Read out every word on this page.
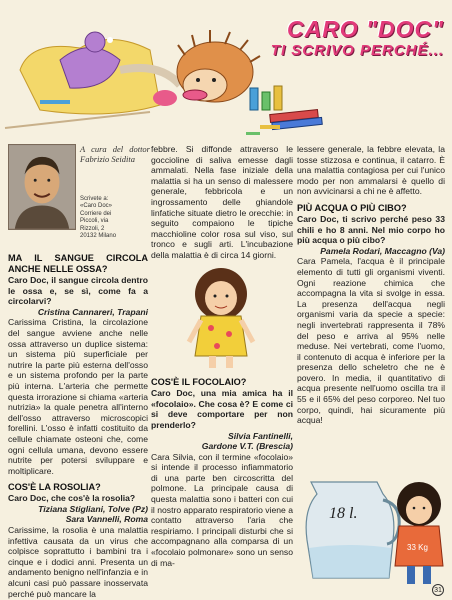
CARO "DOC"
TI SCRIVO PERCHÉ...
A cura del dottor Fabrizio Seidita
Scrivete a:
«Caro Doc»
Corriere dei
Piccoli, via
Rizzoli, 2
20132 Milano
MA IL SANGUE CIRCOLA ANCHE NELLE OSSA?

Caro Doc, il sangue circola dentro le ossa e, se sì, come fa a circolarvi?

Cristina Cannareri, Trapani

Carissima Cristina, la circolazione del sangue avviene anche nelle ossa attraverso un duplice sistema: un sistema più superficiale per nutrire la parte più esterna dell'osso e un sistema profondo per la parte più interna. L'arteria che permette questa irrorazione si chiama «arteria nutrizia» la quale penetra all'interno dell'osso attraverso microscopici forellini. L'osso è infatti costituito da cellule chiamate osteoni che, come ogni cellula umana, devono essere nutrite per potersi sviluppare e moltiplicare.

COS'È LA ROSOLIA?

Caro Doc, che cos'è la rosolia?

Tiziana Stigliani, Tolve (Pz)

Sara Vannelli, Roma

Carissime, la rosolia è una malattia infettiva causata da un virus che colpisce soprattutto i bambini tra i cinque e i dodici anni. Presenta un andamento benigno nell'infanzia e in alcuni casi può passare inosservata perché può mancare la

febbre. Si diffonde attraverso le goccioline di saliva emesse dagli ammalati. Nella fase iniziale della malattia si ha un senso di malessere generale, febbricola e un ingrossamento delle ghiandole linfatiche situate dietro le orecchie: in seguito compaiono le tipiche macchioline color rosa sul viso, sul tronco e sugli arti. L'incubazione della malattia è di circa 14 giorni.

COS'È IL FOCOLAIO?

Caro Doc, una mia amica ha il «focolaio». Che cosa è? E come ci si deve comportare per non prenderlo?

Silvia Fantinelli,

Gardone V.T. (Brescia)

Cara Silvia, con il termine «focolaio» si intende il processo infiammatorio di una parte ben circoscritta del polmone. La principale causa di questa malattia sono i batteri con cui il nostro apparato respiratorio viene a contatto attraverso l'aria che respiriamo. I principali disturbi che si accompagnano alla comparsa di un «focolaio polmonare» sono un senso di ma-

lessere generale, la febbre elevata, la tosse stizzosa e continua, il catarro. È una malattia contagiosa per cui l'unico modo per non ammalarsi è quello di non avvicinarsi a chi ne è affetto.

PIÙ ACQUA O PIÙ CIBO?

Caro Doc, ti scrivo perché peso 33 chili e ho 8 anni. Nel mio corpo ho più acqua o più cibo?

Pamela Rodari, Maccagno (Va)

Cara Pamela, l'acqua è il principale elemento di tutti gli organismi viventi. Ogni reazione chimica che accompagna la vita si svolge in essa. La presenza dell'acqua negli organismi varia da specie a specie: negli invertebrati rappresenta il 78% del peso e arriva al 95% nelle meduse. Nei vertebrati, come l'uomo, il contenuto di acqua è inferiore per la presenza dello scheletro che ne è povero. In media, il quantitativo di acqua presente nell'uomo oscilla tra il 55 e il 65% del peso corporeo. Nel tuo corpo, quindi, hai sicuramente più acqua!

18 l.
33 Kg
31
